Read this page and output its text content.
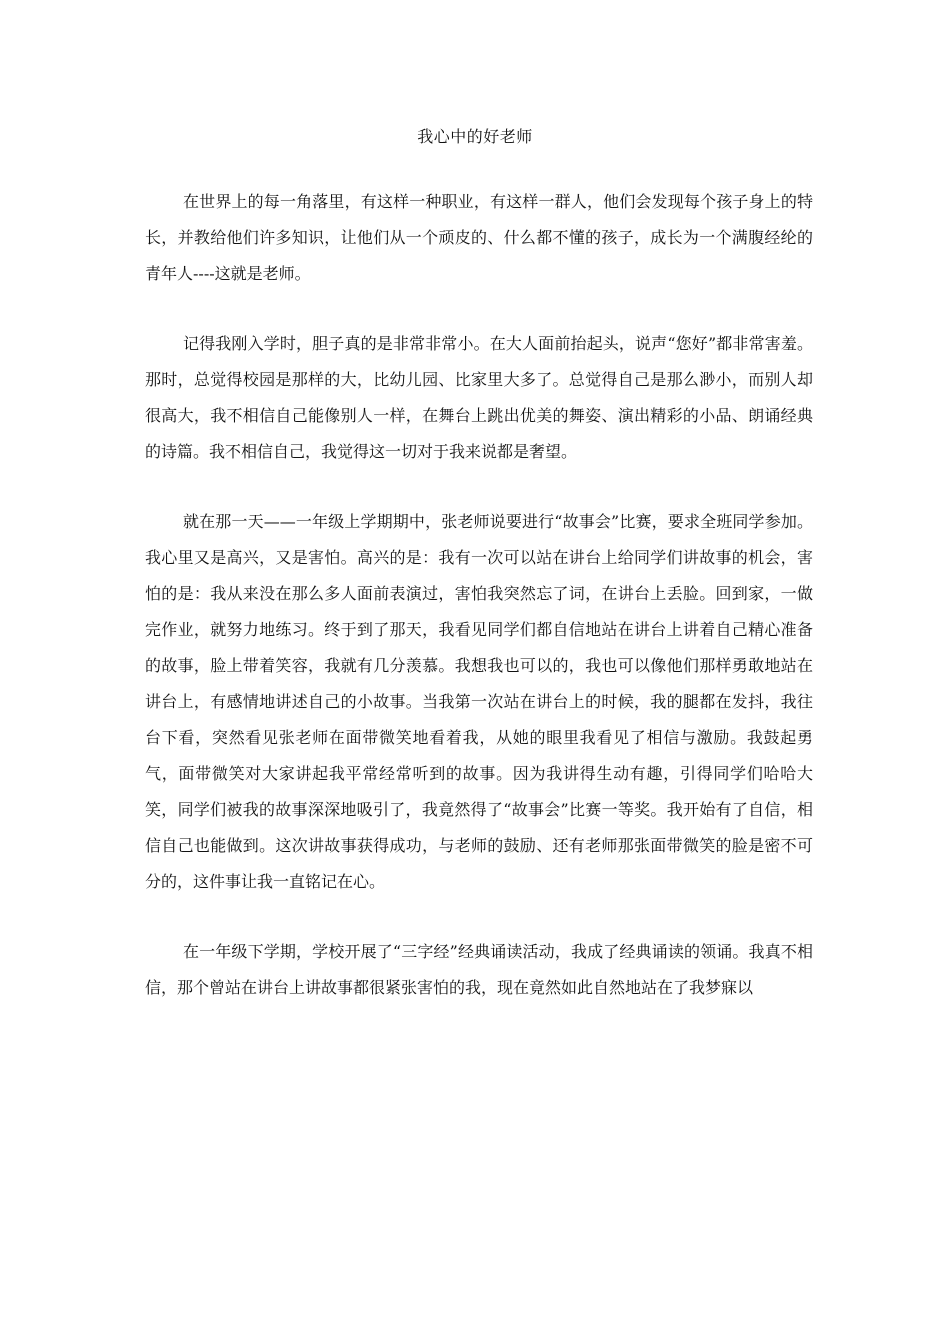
我心中的好老师

在世界上的每一角落里，有这样一种职业，有这样一群人，他们会发现每个孩子身上的特长，并教给他们许多知识，让他们从一个顽皮的、什么都不懂的孩子，成长为一个满腹经纶的青年人----这就是老师。

记得我刚入学时，胆子真的是非常非常小。在大人面前抬起头，说声“您好”都非常害羞。那时，总觉得校园是那样的大，比幼儿园、比家里大多了。总觉得自己是那么渺小，而别人却很高大，我不相信自己能像别人一样，在舞台上跳出优美的舞姿、演出精彩的小品、朗诵经典的诗篇。我不相信自己，我觉得这一切对于我来说都是奢望。

就在那一天——一年级上学期期中，张老师说要进行“故事会”比赛，要求全班同学参加。我心里又是高兴，又是害怕。高兴的是：我有一次可以站在讲台上给同学们讲故事的机会，害怕的是：我从来没在那么多人面前表演过，害怕我突然忘了词，在讲台上丢脸。回到家，一做完作业，就努力地练习。终于到了那天，我看见同学们都自信地站在讲台上讲着自己精心准备的故事，脸上带着笑容，我就有几分羡慕。我想我也可以的，我也可以像他们那样勇敢地站在讲台上，有感情地讲述自己的小故事。当我第一次站在讲台上的时候，我的腿都在发抖，我往台下看，突然看见张老师在面带微笑地看着我，从她的眼里我看见了相信与激励。我鼓起勇气，面带微笑对大家讲起我平常经常听到的故事。因为我讲得生动有趣，引得同学们哈哈大笑，同学们被我的故事深深地吸引了，我竟然得了“故事会”比赛一等奖。我开始有了自信，相信自己也能做到。这次讲故事获得成功，与老师的鼓励、还有老师那张面带微笑的脸是密不可分的，这件事让我一直铭记在心。

在一年级下学期，学校开展了“三字经”经典诵读活动，我成了经典诵读的领诵。我真不相信，那个曾站在讲台上讲故事都很紧张害怕的我，现在竟然如此自然地站在了我梦寐以
